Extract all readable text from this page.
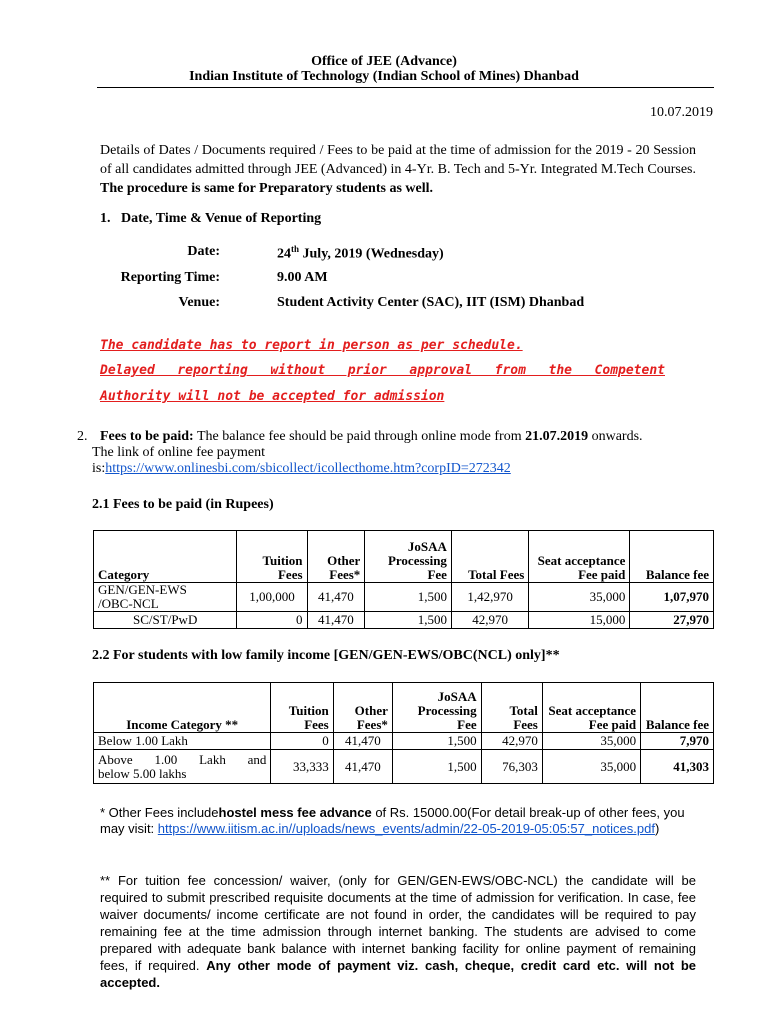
Office of JEE (Advance)
Indian Institute of Technology (Indian School of Mines) Dhanbad
10.07.2019
Details of Dates / Documents required / Fees to be paid at the time of admission for the 2019 - 20 Session of all candidates admitted through JEE (Advanced) in 4-Yr. B. Tech and 5-Yr. Integrated M.Tech Courses. The procedure is same for Preparatory students as well.
1.   Date, Time & Venue of Reporting
Date:	24th July, 2019 (Wednesday)
Reporting Time:	9.00 AM
Venue:	Student Activity Center (SAC), IIT (ISM) Dhanbad
The candidate has to report in person as per schedule.
Delayed reporting without prior approval from the Competent
Authority will not be accepted for admission
2. Fees to be paid: The balance fee should be paid through online mode from 21.07.2019 onwards.
The link of online fee payment
is:https://www.onlinesbi.com/sbicollect/icollecthome.htm?corpID=272342
2.1 Fees to be paid (in Rupees)
Category	Tuition Fees	Other Fees*	JoSAA Processing Fee	Total Fees	Seat acceptance Fee paid	Balance fee

GEN/GEN-EWS
/OBC-NCL	1,00,000	41,470	1,500	1,42,970	35,000	1,07,970
SC/ST/PwD	0	41,470	1,500	42,970	15,000	27,970
2.2 For students with low family income [GEN/GEN-EWS/OBC(NCL) only]**
Income Category **	Tuition Fees	Other Fees*	JoSAA Processing Fee	Total Fees	Seat acceptance Fee paid	Balance fee
Below 1.00 Lakh	0	41,470	1,500	42,970	35,000	7,970

Above 1.00 Lakh and
below 5.00 lakhs	33,333	41,470	1,500	76,303	35,000	41,303
* Other Fees includehostel mess fee advance of Rs. 15000.00(For detail break-up of other fees, you may visit: https://www.iitism.ac.in//uploads/news_events/admin/22-05-2019-05:05:57_notices.pdf)
** For tuition fee concession/ waiver, (only for GEN/GEN-EWS/OBC-NCL) the candidate will be required to submit prescribed requisite documents at the time of admission for verification. In case, fee waiver documents/ income certificate are not found in order, the candidates will be required to pay remaining fee at the time admission through internet banking. The students are advised to come prepared with adequate bank balance with internet banking facility for online payment of remaining fees, if required. Any other mode of payment viz. cash, cheque, credit card etc. will not be accepted.
